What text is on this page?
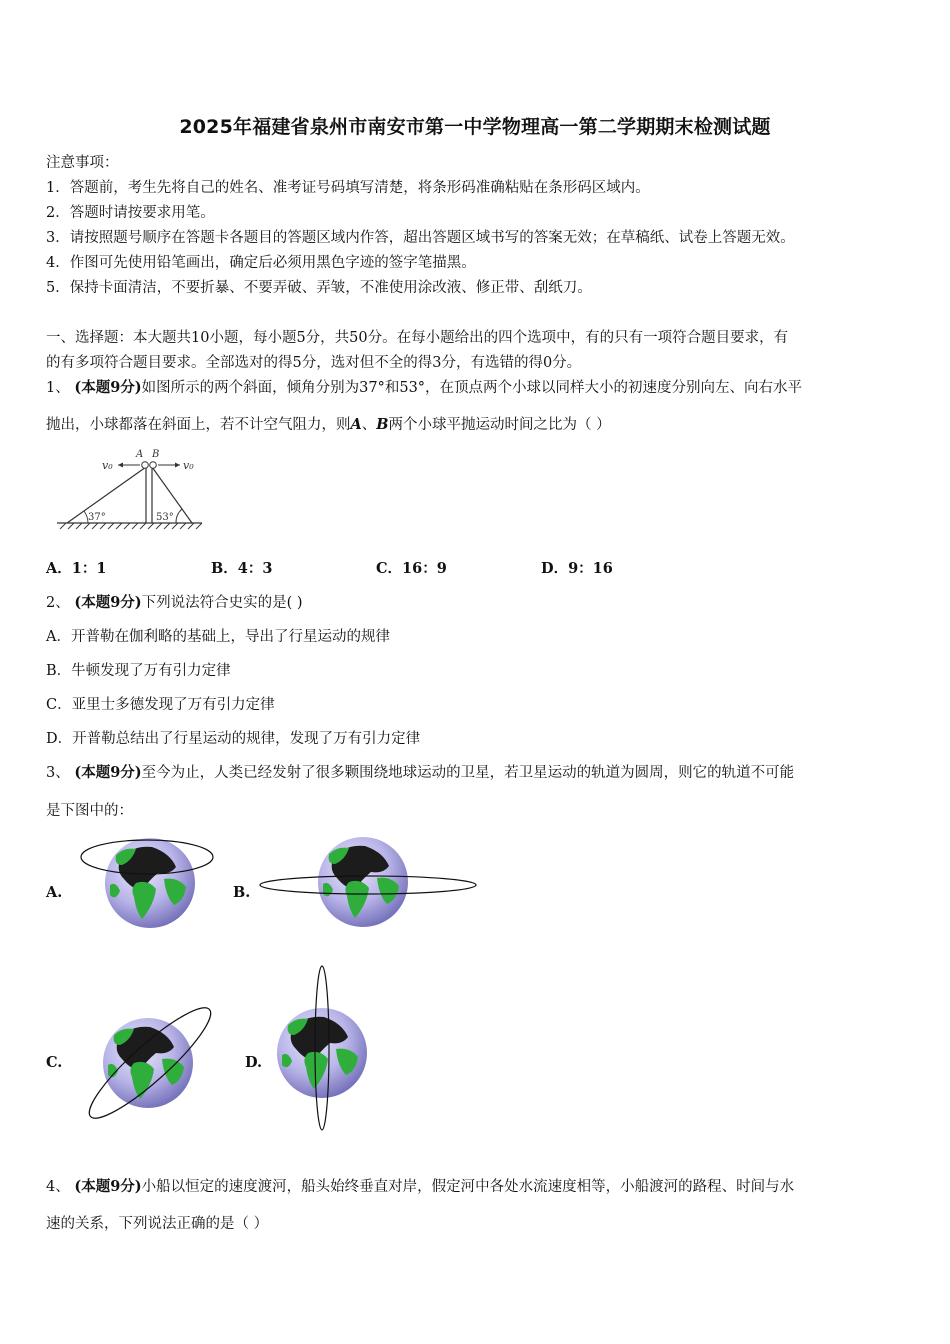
2025年福建省泉州市南安市第一中学物理高一第二学期期末检测试题
注意事项：
1．答题前，考生先将自己的姓名、准考证号码填写清楚，将条形码准确粘贴在条形码区域内。
2．答题时请按要求用笔。
3．请按照题号顺序在答题卡各题目的答题区域内作答，超出答题区域书写的答案无效；在草稿纸、试卷上答题无效。
4．作图可先使用铅笔画出，确定后必须用黑色字迹的签字笔描黑。
5．保持卡面清洁，不要折暴、不要弄破、弄皱，不准使用涂改液、修正带、刮纸刀。
一、选择题：本大题共10小题，每小题5分，共50分。在每小题给出的四个选项中，有的只有一项符合题目要求，有
的有多项符合题目要求。全部选对的得5分，选对但不全的得3分，有选错的得0分。
1、 (本题9分)如图所示的两个斜面，倾角分别为37°和53°，在顶点两个小球以同样大小的初速度分别向左、向右水平
抛出，小球都落在斜面上，若不计空气阻力，则A、B两个小球平抛运动时间之比为（ ）
v₀	v₀
A B
37°	53°
A．1：1	B．4：3	C．16：9	D．9：16
2、 (本题9分)下列说法符合史实的是( )
A．开普勒在伽利略的基础上，导出了行星运动的规律
B．牛顿发现了万有引力定律
C．亚里士多德发现了万有引力定律
D．开普勒总结出了行星运动的规律，发现了万有引力定律
3、 (本题9分)至今为止，人类已经发射了很多颗围绕地球运动的卫星，若卫星运动的轨道为圆周，则它的轨道不可能
是下图中的：
A.	B.
C.	D.
4、 (本题9分)小船以恒定的速度渡河，船头始终垂直对岸，假定河中各处水流速度相等，小船渡河的路程、时间与水
速的关系，下列说法正确的是（ ）
